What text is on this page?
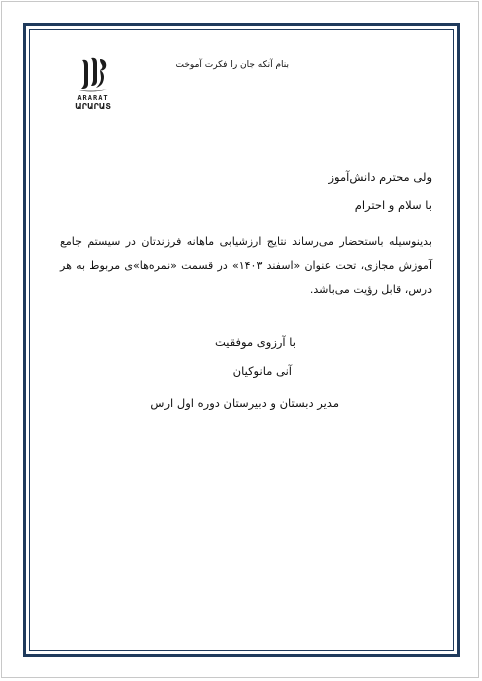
بنام آنکه جان را فکرت آموخت
ARARAT
ԱՐԱՐԱՏ
ولی محترم دانش‌آموز
با سلام و احترام
بدینوسیله باستحضار می‌رساند نتایج ارزشیابی ماهانه فرزندتان در سیستم جامع آموزش مجازی، تحت عنوان «اسفند ۱۴۰۳» در قسمت «نمره‌ها»ی مربوط به هر درس، قابل رؤیت می‌باشد.
با آرزوی موفقیت
آنی مانوکیان
مدیر دبستان و دبیرستان دوره اول ارس
